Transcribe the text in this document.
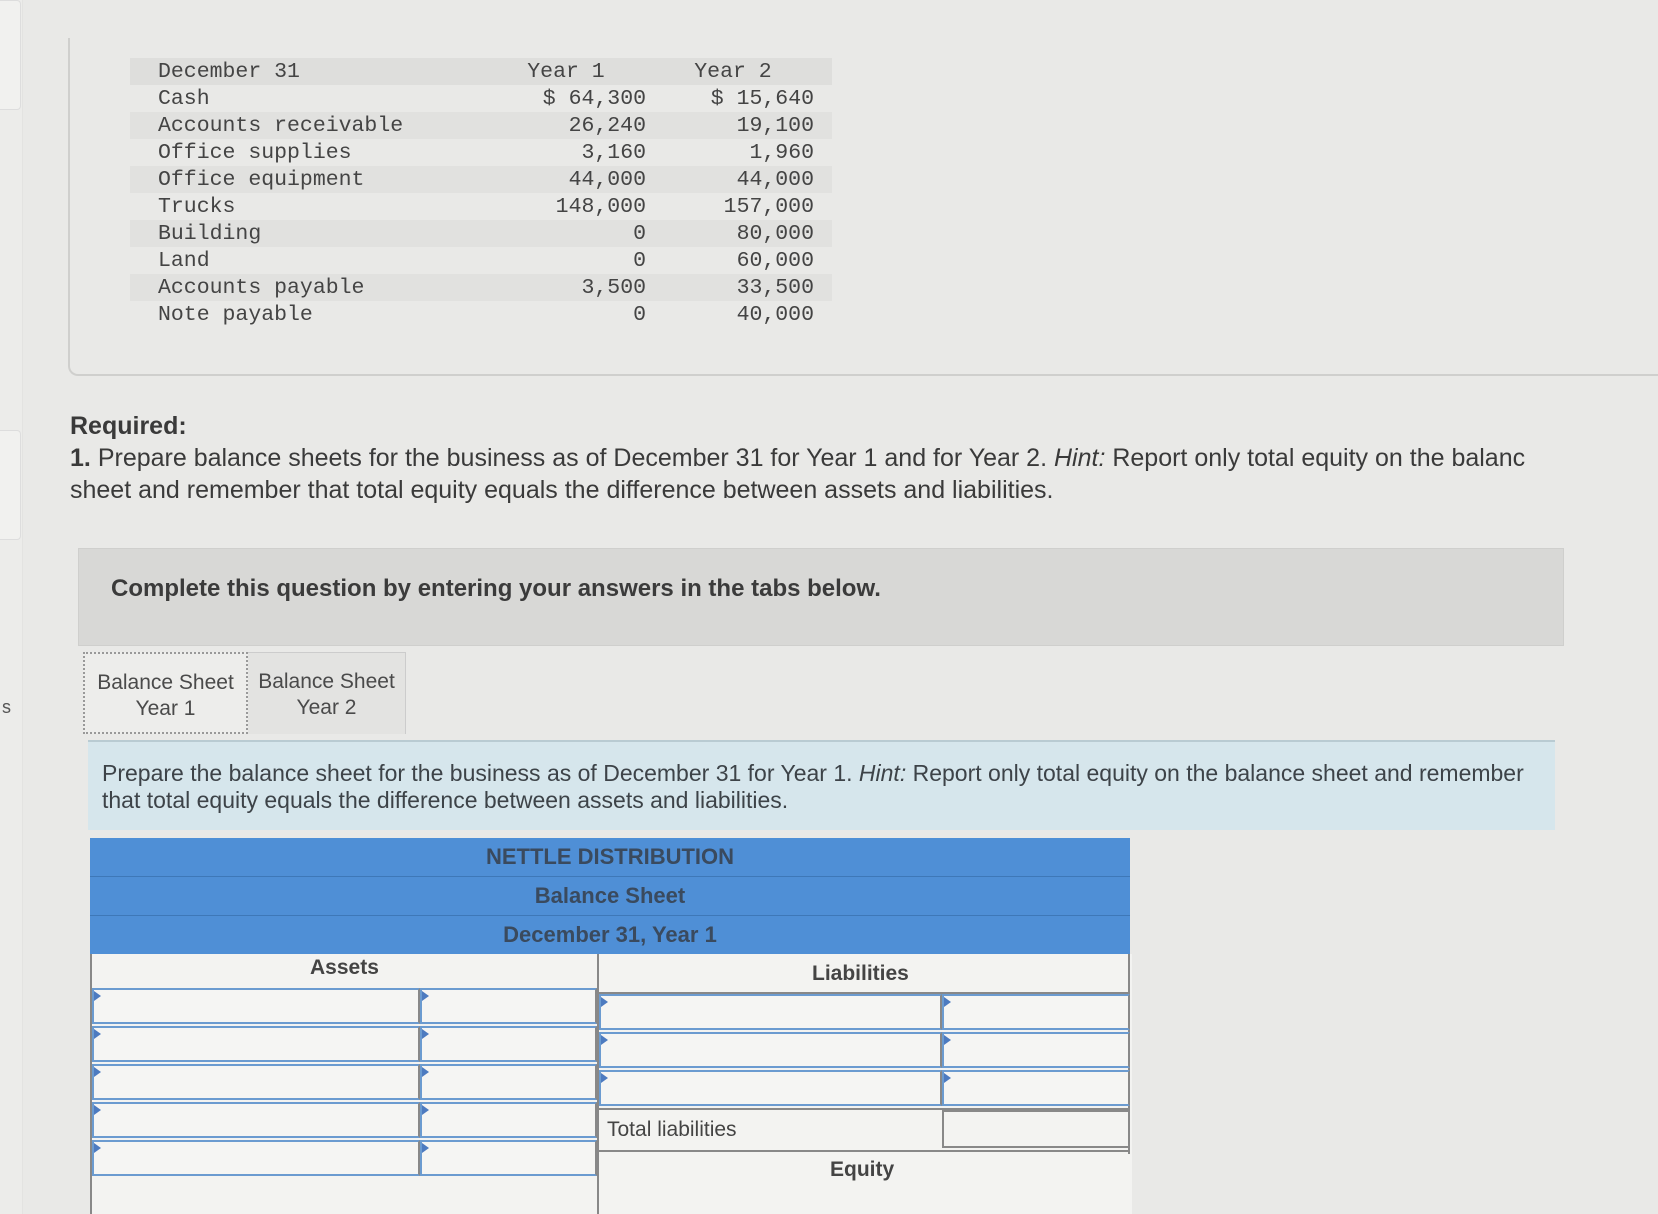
s
December 31	Year 1	Year 2
Cash	$ 64,300	$ 15,640
Accounts receivable	26,240	19,100
Office supplies	3,160	1,960
Office equipment	44,000	44,000
Trucks	148,000	157,000
Building	0	80,000
Land	0	60,000
Accounts payable	3,500	33,500
Note payable	0	40,000
Required:
1. Prepare balance sheets for the business as of December 31 for Year 1 and for Year 2. Hint: Report only total equity on the balanc
sheet and remember that total equity equals the difference between assets and liabilities.
Complete this question by entering your answers in the tabs below.
Balance Sheet
Year 1
Balance Sheet
Year 2
Prepare the balance sheet for the business as of December 31 for Year 1. Hint: Report only total equity on the balance sheet and remember that total equity equals the difference between assets and liabilities.
NETTLE DISTRIBUTION
Balance Sheet
December 31, Year 1
Assets	Liabilities
Total liabilities
Equity
